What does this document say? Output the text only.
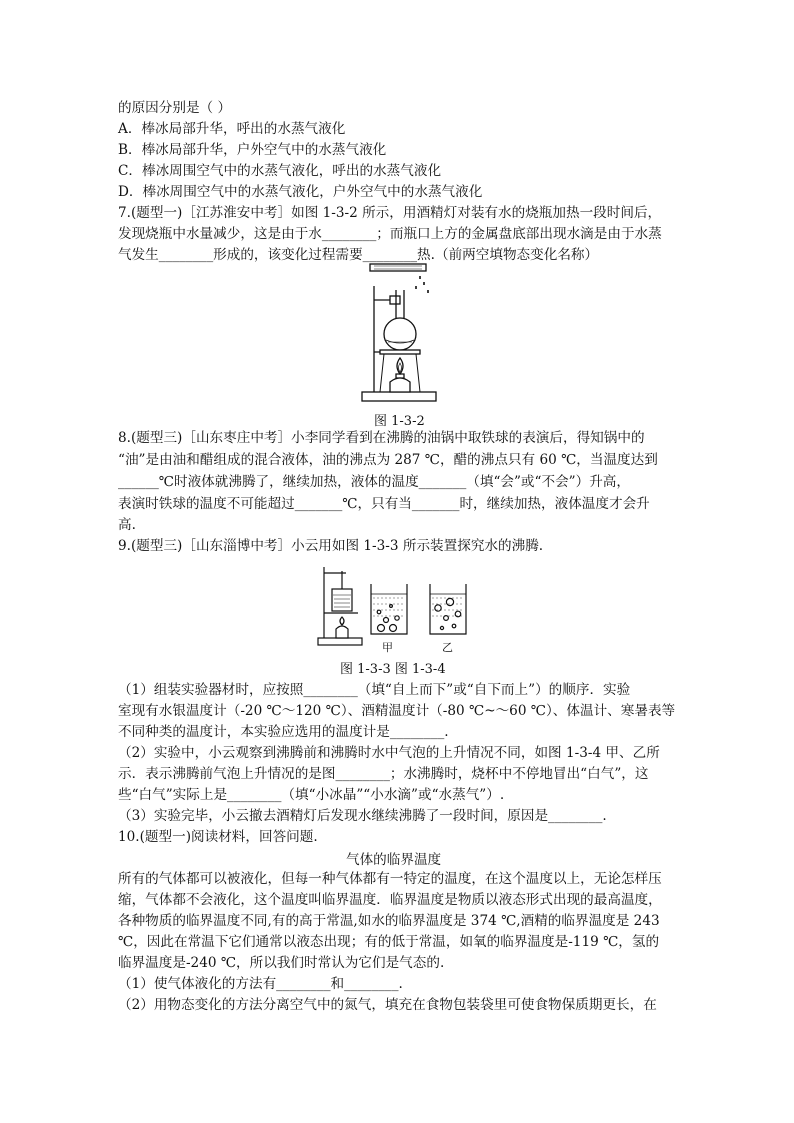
的原因分别是（ ）
A．棒冰局部升华，呼出的水蒸气液化
B．棒冰局部升华，户外空气中的水蒸气液化
C．棒冰周围空气中的水蒸气液化，呼出的水蒸气液化
D．棒冰周围空气中的水蒸气液化，户外空气中的水蒸气液化
7.(题型一)［江苏淮安中考］如图 1-3-2 所示，用酒精灯对装有水的烧瓶加热一段时间后，
发现烧瓶中水量减少，这是由于水________；而瓶口上方的金属盘底部出现水滴是由于水蒸
气发生________形成的，该变化过程需要________热.（前两空填物态变化名称）
图 1-3-2
8.(题型三)［山东枣庄中考］小李同学看到在沸腾的油锅中取铁球的表演后，得知锅中的
“油”是由油和醋组成的混合液体，油的沸点为 287 ℃，醋的沸点只有 60 ℃，当温度达到
______℃时液体就沸腾了，继续加热，液体的温度_______（填“会”或“不会”）升高，
表演时铁球的温度不可能超过_______℃，只有当_______时，继续加热，液体温度才会升
高.
9.(题型三)［山东淄博中考］小云用如图 1-3-3 所示装置探究水的沸腾.
甲	乙
图 1-3-3 图 1-3-4
（1）组装实验器材时，应按照________（填“自上而下”或“自下而上”）的顺序．实验
室现有水银温度计（-20 ℃～120 ℃）、酒精温度计（-80 ℃~～60 ℃）、体温计、寒暑表等
不同种类的温度计，本实验应选用的温度计是________.
（2）实验中，小云观察到沸腾前和沸腾时水中气泡的上升情况不同，如图 1-3-4 甲、乙所
示．表示沸腾前气泡上升情况的是图________；水沸腾时，烧杯中不停地冒出“白气”，这
些“白气”实际上是________（填“小冰晶”“小水滴”或“水蒸气”）.
（3）实验完毕，小云撤去酒精灯后发现水继续沸腾了一段时间，原因是________.
10.(题型一)阅读材料，回答问题.
气体的临界温度
所有的气体都可以被液化，但每一种气体都有一特定的温度，在这个温度以上，无论怎样压
缩，气体都不会液化，这个温度叫临界温度．临界温度是物质以液态形式出现的最高温度，
各种物质的临界温度不同,有的高于常温,如水的临界温度是 374 ℃,酒精的临界温度是 243
℃，因此在常温下它们通常以液态出现；有的低于常温，如氧的临界温度是-119 ℃，氢的
临界温度是-240 ℃，所以我们时常认为它们是气态的.
（1）使气体液化的方法有________和________.
（2）用物态变化的方法分离空气中的氮气，填充在食物包装袋里可使食物保质期更长，在
